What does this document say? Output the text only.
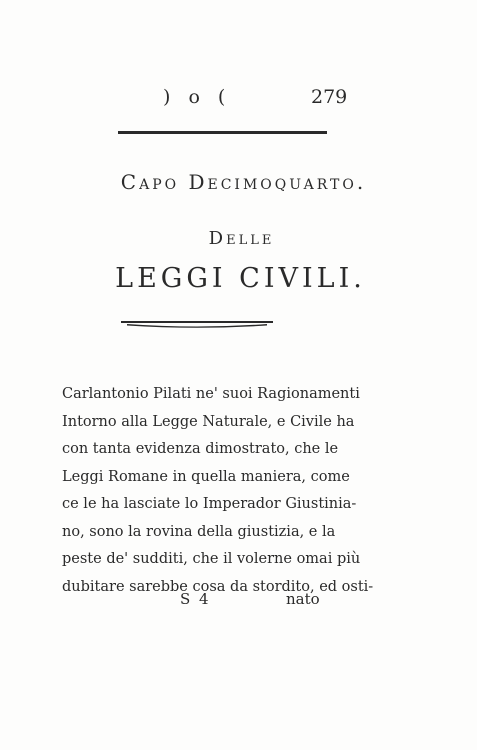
) o (	279
Capo Decimoquarto.
Delle
LEGGI CIVILI.
Carlantonio Pilati ne' suoi Ragionamenti
Intorno alla Legge Naturale, e Civile ha
con tanta evidenza dimostrato, che le
Leggi Romane in quella maniera, come
ce le ha lasciate lo Imperador Giustinia-
no, sono la rovina della giustizia, e la
peste de' sudditi, che il volerne omai più
dubitare sarebbe cosa da stordito, ed osti-
S 4	nato
